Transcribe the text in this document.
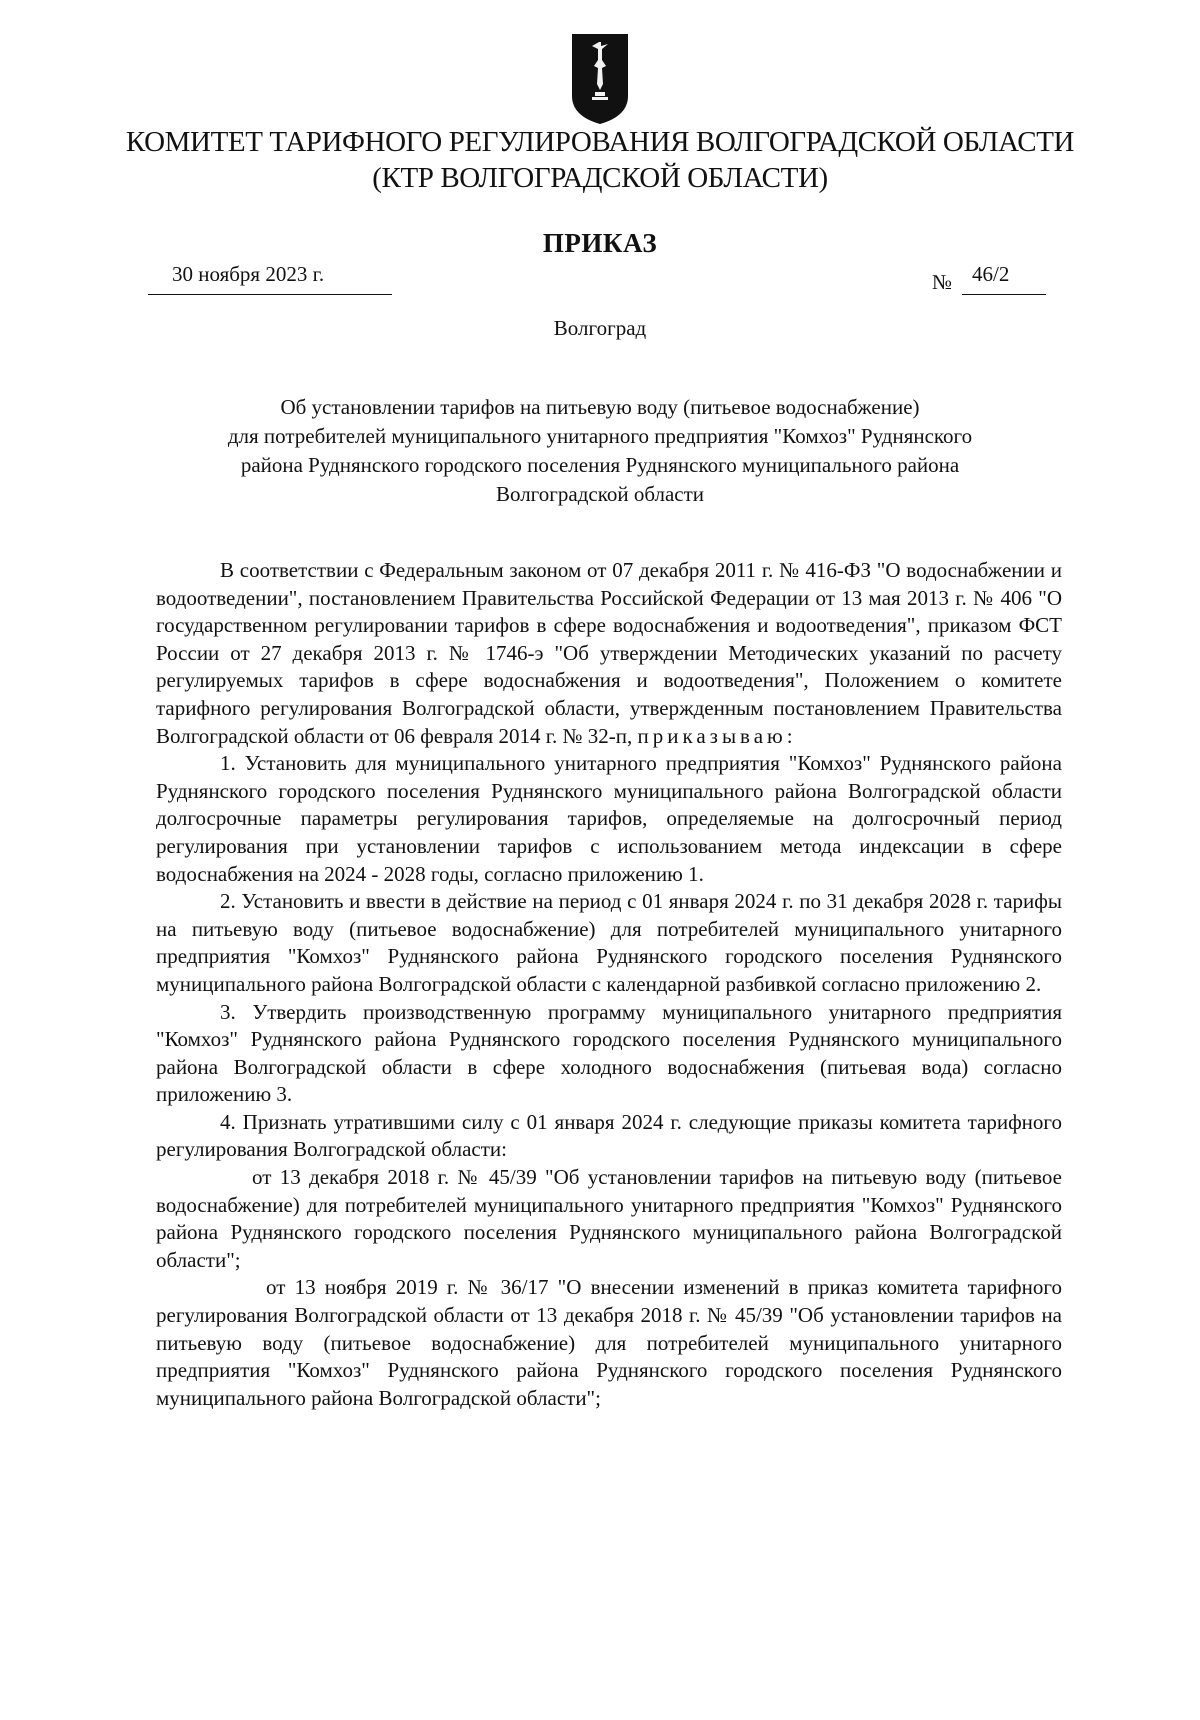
КОМИТЕТ ТАРИФНОГО РЕГУЛИРОВАНИЯ ВОЛГОГРАДСКОЙ ОБЛАСТИ
(КТР ВОЛГОГРАДСКОЙ ОБЛАСТИ)
ПРИКАЗ
30 ноября 2023 г.	№ 46/2
Волгоград
Об установлении тарифов на питьевую воду (питьевое водоснабжение)
для потребителей муниципального унитарного предприятия "Комхоз" Руднянского
района Руднянского городского поселения Руднянского муниципального района
Волгоградской области

В соответствии с Федеральным законом от 07 декабря 2011 г. № 416-ФЗ "О водоснабжении и водоотведении", постановлением Правительства Российской Федерации от 13 мая 2013 г. № 406 "О государственном регулировании тарифов в сфере водоснабжения и водоотведения", приказом ФСТ России от 27 декабря 2013 г. № 1746-э "Об утверждении Методических указаний по расчету регулируемых тарифов в сфере водоснабжения и водоотведения", Положением о комитете тарифного регулирования Волгоградской области, утвержденным постановлением Правительства Волгоградской области от 06 февраля 2014 г. № 32-п, приказываю:

1. Установить для муниципального унитарного предприятия "Комхоз" Руднянского района Руднянского городского поселения Руднянского муниципального района Волгоградской области долгосрочные параметры регулирования тарифов, определяемые на долгосрочный период регулирования при установлении тарифов с использованием метода индексации в сфере водоснабжения на 2024 - 2028 годы, согласно приложению 1.

2. Установить и ввести в действие на период с 01 января 2024 г. по 31 декабря 2028 г. тарифы на питьевую воду (питьевое водоснабжение) для потребителей муниципального унитарного предприятия "Комхоз" Руднянского района Руднянского городского поселения Руднянского муниципального района Волгоградской области с календарной разбивкой согласно приложению 2.

3. Утвердить производственную программу муниципального унитарного предприятия "Комхоз" Руднянского района Руднянского городского поселения Руднянского муниципального района Волгоградской области в сфере холодного водоснабжения (питьевая вода) согласно приложению 3.

4. Признать утратившими силу с 01 января 2024 г. следующие приказы комитета тарифного регулирования Волгоградской области:

от 13 декабря 2018 г. № 45/39 "Об установлении тарифов на питьевую воду (питьевое водоснабжение) для потребителей муниципального унитарного предприятия "Комхоз" Руднянского района Руднянского городского поселения Руднянского муниципального района Волгоградской области";

от 13 ноября 2019 г. № 36/17 "О внесении изменений в приказ комитета тарифного регулирования Волгоградской области от 13 декабря 2018 г. № 45/39 "Об установлении тарифов на питьевую воду (питьевое водоснабжение) для потребителей муниципального унитарного предприятия "Комхоз" Руднянского района Руднянского городского поселения Руднянского муниципального района Волгоградской области";
